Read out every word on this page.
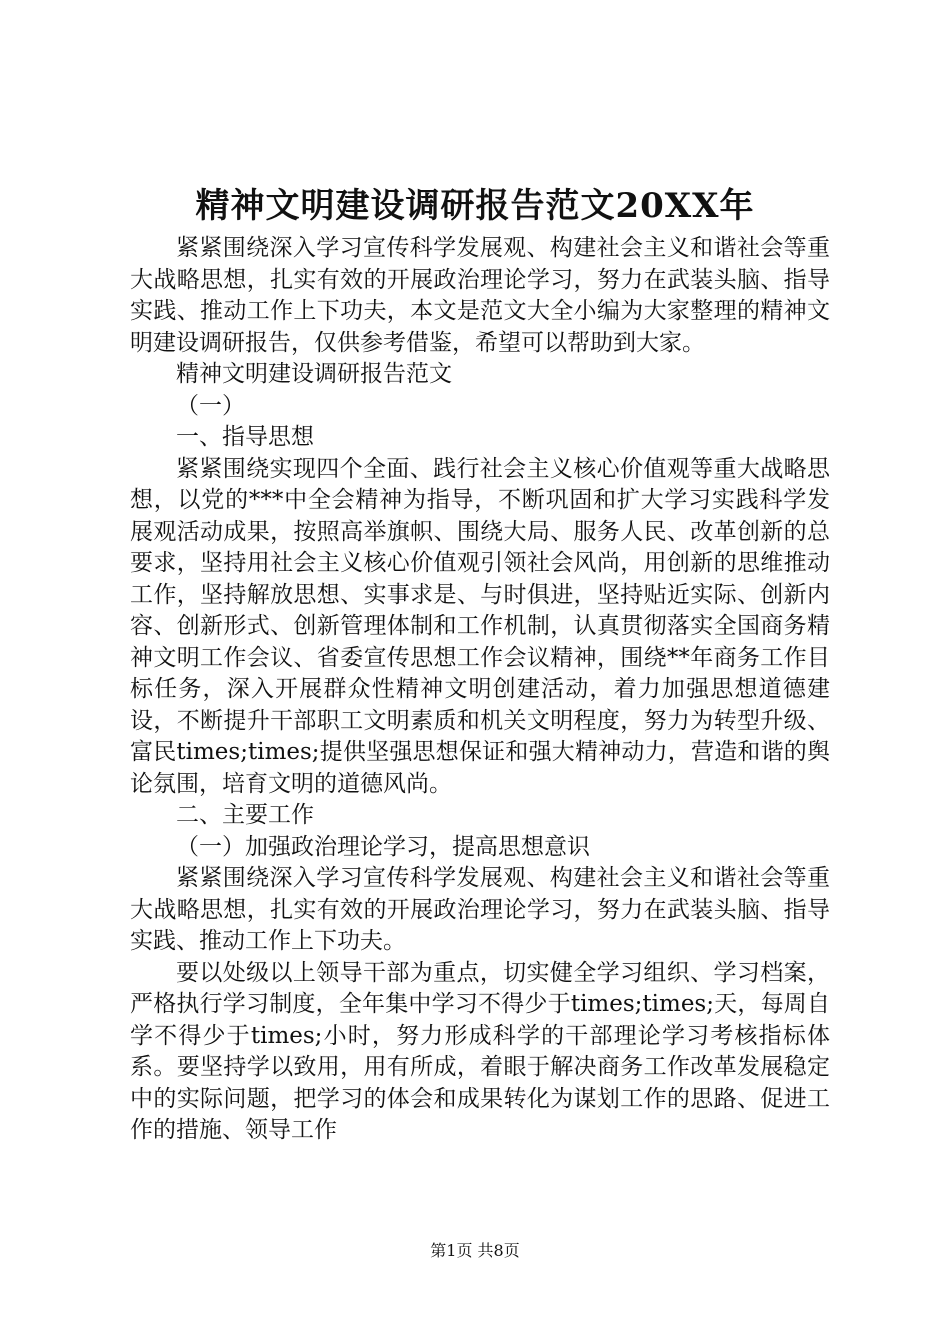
精神文明建设调研报告范文20XX年

紧紧围绕深入学习宣传科学发展观、构建社会主义和谐社会等重大战略思想，扎实有效的开展政治理论学习，努力在武装头脑、指导实践、推动工作上下功夫，本文是范文大全小编为大家整理的精神文明建设调研报告，仅供参考借鉴，希望可以帮助到大家。

精神文明建设调研报告范文

（一）

一、指导思想

紧紧围绕实现四个全面、践行社会主义核心价值观等重大战略思想，以党的***中全会精神为指导，不断巩固和扩大学习实践科学发展观活动成果，按照高举旗帜、围绕大局、服务人民、改革创新的总要求，坚持用社会主义核心价值观引领社会风尚，用创新的思维推动工作，坚持解放思想、实事求是、与时俱进，坚持贴近实际、创新内容、创新形式、创新管理体制和工作机制，认真贯彻落实全国商务精神文明工作会议、省委宣传思想工作会议精神，围绕**年商务工作目标任务，深入开展群众性精神文明创建活动，着力加强思想道德建设，不断提升干部职工文明素质和机关文明程度，努力为转型升级、富民times;times;提供坚强思想保证和强大精神动力，营造和谐的舆论氛围，培育文明的道德风尚。

二、主要工作

（一）加强政治理论学习，提高思想意识

紧紧围绕深入学习宣传科学发展观、构建社会主义和谐社会等重大战略思想，扎实有效的开展政治理论学习，努力在武装头脑、指导实践、推动工作上下功夫。

要以处级以上领导干部为重点，切实健全学习组织、学习档案，严格执行学习制度，全年集中学习不得少于times;times;天，每周自学不得少于times;小时，努力形成科学的干部理论学习考核指标体系。要坚持学以致用，用有所成，着眼于解决商务工作改革发展稳定中的实际问题，把学习的体会和成果转化为谋划工作的思路、促进工作的措施、领导工作

第1页 共8页
